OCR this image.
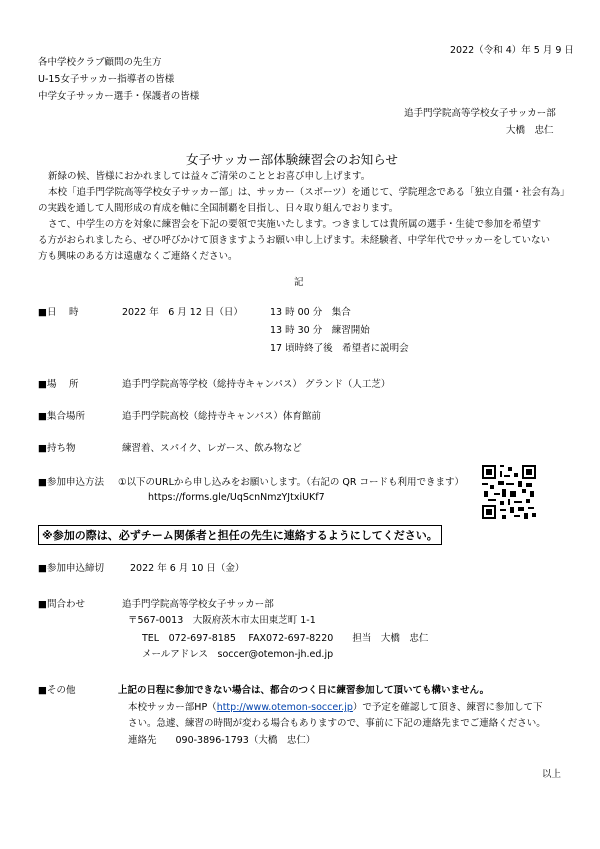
2022（令和 4）年 5 月 9 日
各中学校クラブ顧問の先生方
U-15女子サッカー指導者の皆様
中学女子サッカー選手・保護者の皆様
追手門学院高等学校女子サッカー部
大橋　忠仁
女子サッカー部体験練習会のお知らせ
新緑の候、皆様におかれましては益々ご清栄のこととお喜び申し上げます。
本校「追手門学院高等学校女子サッカー部」は、サッカー（スポーツ）を通じて、学院理念である「独立自彊・社会有為」
の実践を通して人間形成の育成を軸に全国制覇を目指し、日々取り組んでおります。
さて、中学生の方を対象に練習会を下記の要領で実施いたします。つきましては貴所属の選手・生徒で参加を希望す
る方がおられましたら、ぜひ呼びかけて頂きますようお願い申し上げます。未経験者、中学年代でサッカーをしていない
方も興味のある方は遠慮なくご連絡ください。
記
■日　 時	2022 年　6 月 12 日（日）	13 時 00 分　集合
13 時 30 分　練習開始
17 頃時終了後　希望者に説明会
■場　 所	追手門学院高等学校（総持寺キャンパス） グランド（人工芝）
■集合場所	追手門学院高校（総持寺キャンパス）体育館前
■持ち物	練習着、スパイク、レガース、飲み物など
■参加申込方法 ①以下のURLから申し込みをお願いします。（右記の QR コードも利用できます）
https://forms.gle/UqScnNmzYJtxiUKf7
※参加の際は、必ずチーム関係者と担任の先生に連絡するようにしてください。
■参加申込締切	2022 年 6 月 10 日（金）
■問合わせ	追手門学院高等学校女子サッカー部
〒567-0013　大阪府茨木市太田東芝町 1-1
TEL　072-697-8185　 FAX072-697-8220　　担当　大橋　忠仁
メールアドレス　soccer@otemon-jh.ed.jp
■その他	上記の日程に参加できない場合は、都合のつく日に練習参加して頂いても構いません。
本校サッカー部HP（http://www.otemon-soccer.jp）で予定を確認して頂き、練習に参加して下
さい。急遽、練習の時間が変わる場合もありますので、事前に下記の連絡先までご連絡ください。
連絡先　　090-3896-1793（大橋　忠仁）
以上
